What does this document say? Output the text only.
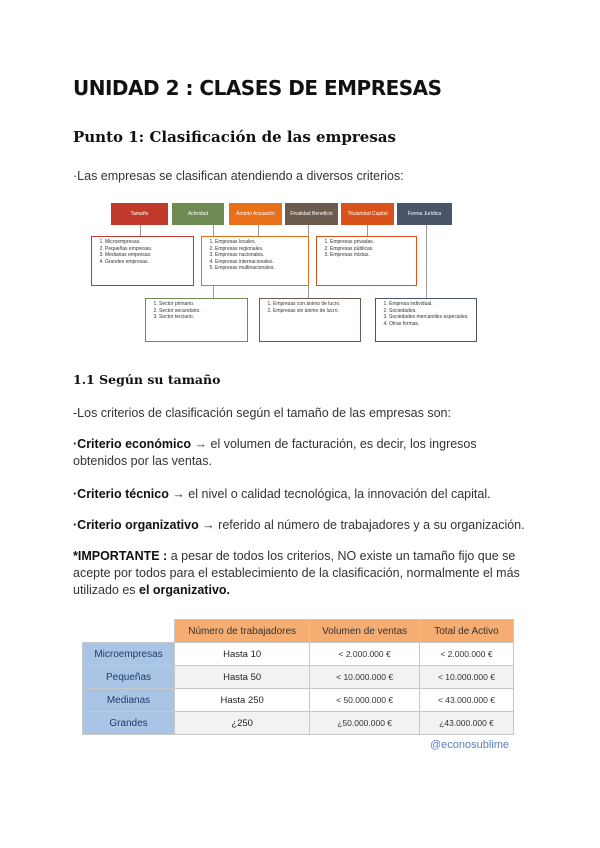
UNIDAD 2 : CLASES DE EMPRESAS
Punto 1: Clasificación de las empresas
·Las empresas se clasifican atendiendo a diversos criterios:
Tamaño	Actividad	Ámbito Actuación	Finalidad Beneficio	Titularidad Capital	Forma Jurídica
1. Microempresas.
2. Pequeñas empresas.
3. Medianas empresas.
4. Grandes empresas.
1. Empresas locales.
2. Empresas regionales.
3. Empresas nacionales.
4. Empresas internacionales.
5. Empresas multinacionales.
1. Empresas privadas.
2. Empresas públicas.
3. Empresas mixtas.
1. Sector primario.
2. Sector secundario.
3. Sector terciario.
1. Empresas con ánimo de lucro.
2. Empresas sin ánimo de lucro.
1. Empresa individual.
2. Sociedades.
3. Sociedades mercantiles especiales.
4. Otras formas.
1.1 Según su tamaño
-Los criterios de clasificación según el tamaño de las empresas son:
·Criterio económico → el volumen de facturación, es decir, los ingresos obtenidos por las ventas.
·Criterio técnico → el nivel o calidad tecnológica, la innovación del capital.
·Criterio organizativo → referido al número de trabajadores y a su organización.
*IMPORTANTE : a pesar de todos los criterios, NO existe un tamaño fijo que se acepte por todos para el establecimiento de la clasificación, normalmente el más utilizado es el organizativo.
	Número de trabajadores	Volumen de ventas	Total de Activo
Microempresas	Hasta 10	< 2.000.000 €	< 2.000.000 €
Pequeñas	Hasta 50	< 10.000.000 €	< 10.000.000 €
Medianas	Hasta 250	< 50.000.000 €	< 43.000.000 €
Grandes	¿250	¿50.000.000 €	¿43.000.000 €
@econosublime
